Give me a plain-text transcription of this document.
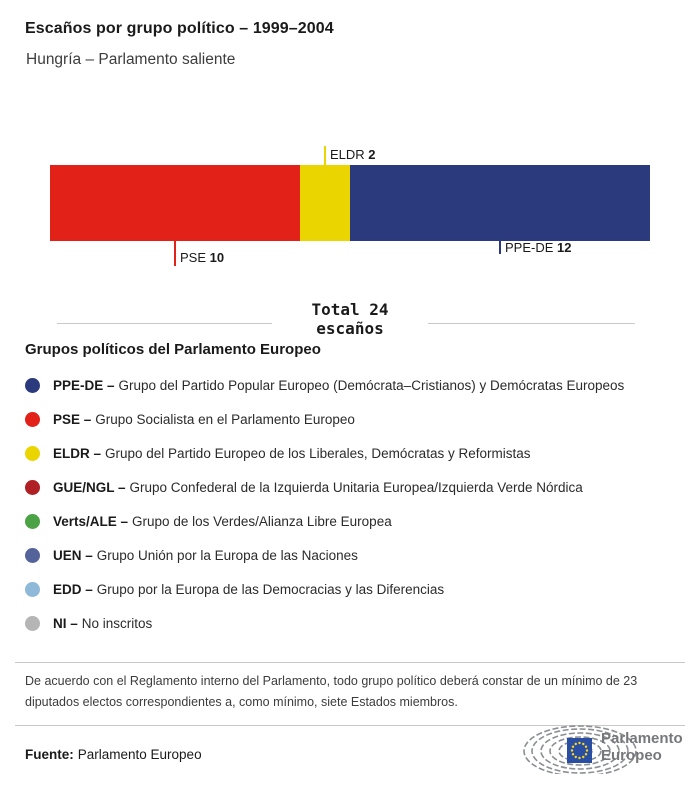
Escaños por grupo político – 1999–2004
Hungría – Parlamento saliente
PSE 10
ELDR 2
PPE-DE 12
Total 24
escaños
Grupos políticos del Parlamento Europeo
PPE-DE – Grupo del Partido Popular Europeo (Demócrata–Cristianos) y Demócratas Europeos
PSE – Grupo Socialista en el Parlamento Europeo
ELDR – Grupo del Partido Europeo de los Liberales, Demócratas y Reformistas
GUE/NGL – Grupo Confederal de la Izquierda Unitaria Europea/Izquierda Verde Nórdica
Verts/ALE – Grupo de los Verdes/Alianza Libre Europea
UEN – Grupo Unión por la Europa de las Naciones
EDD – Grupo por la Europa de las Democracias y las Diferencias
NI – No inscritos
De acuerdo con el Reglamento interno del Parlamento, todo grupo político deberá constar de un mínimo de 23 diputados electos correspondientes a, como mínimo, siete Estados miembros.
Fuente: Parlamento Europeo
Parlamento
Europeo
